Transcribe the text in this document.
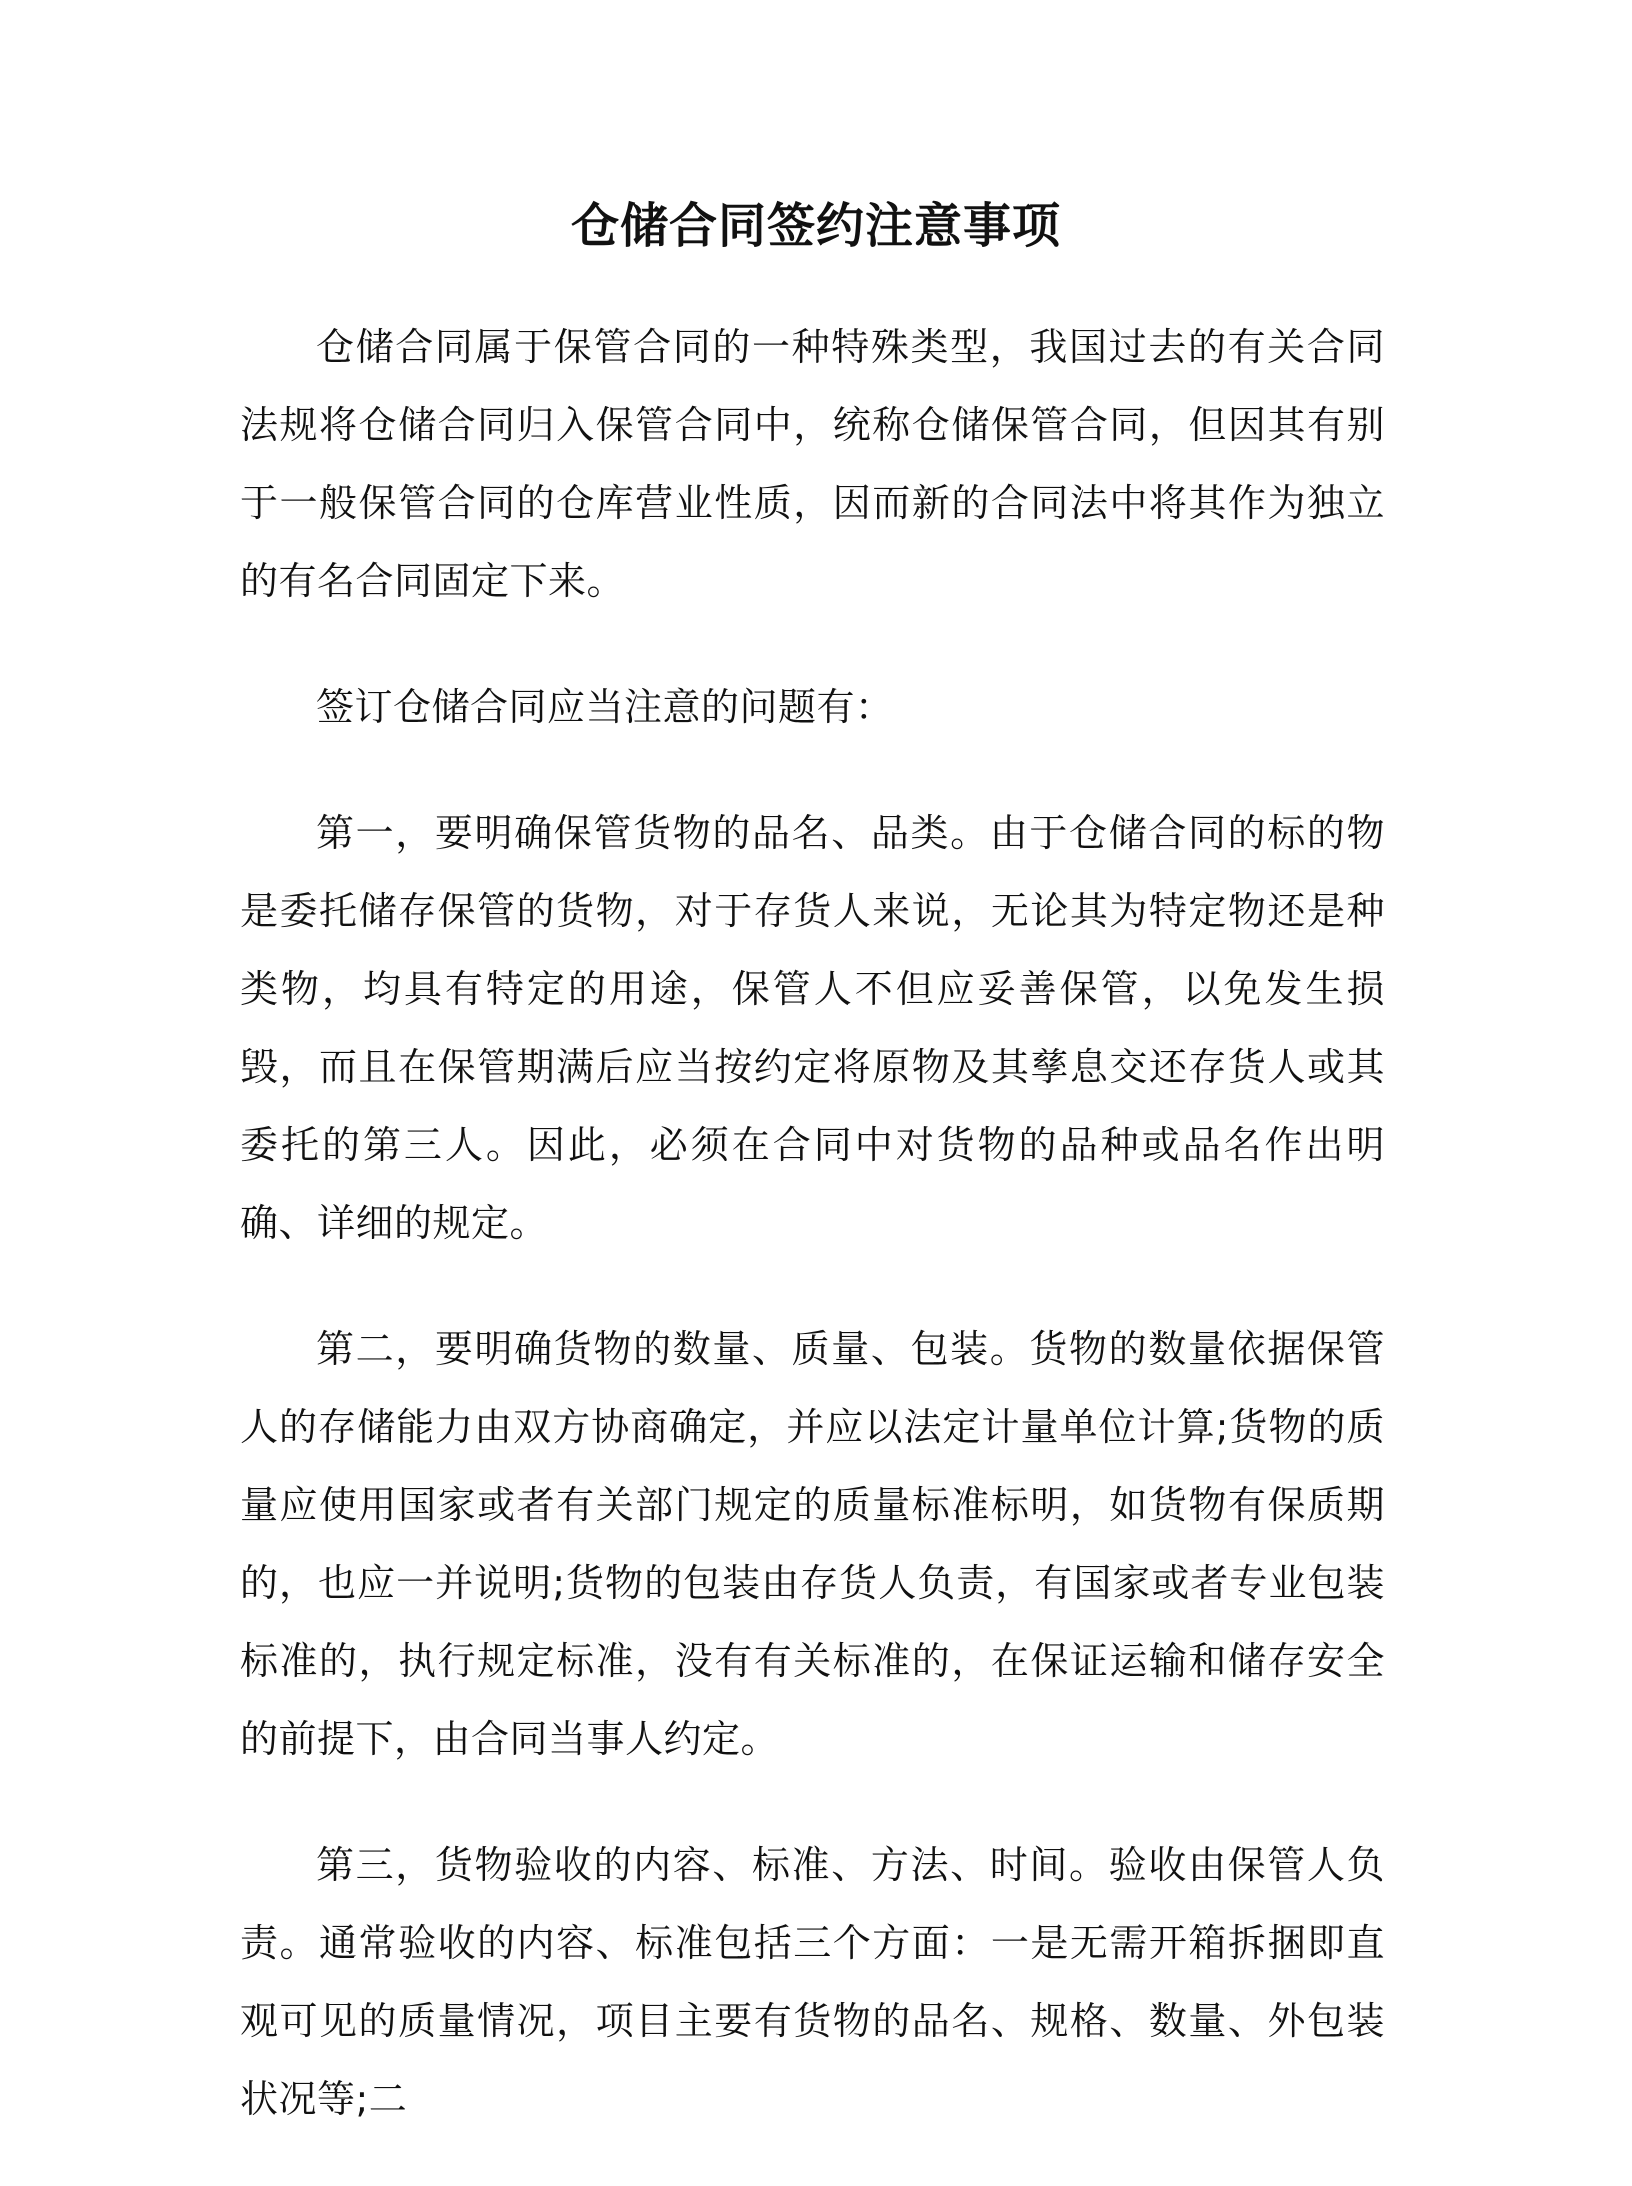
仓储合同签约注意事项

仓储合同属于保管合同的一种特殊类型，我国过去的有关合同法规将仓储合同归入保管合同中，统称仓储保管合同，但因其有别于一般保管合同的仓库营业性质，因而新的合同法中将其作为独立的有名合同固定下来。

签订仓储合同应当注意的问题有：

第一，要明确保管货物的品名、品类。由于仓储合同的标的物是委托储存保管的货物，对于存货人来说，无论其为特定物还是种类物，均具有特定的用途，保管人不但应妥善保管，以免发生损毁，而且在保管期满后应当按约定将原物及其孳息交还存货人或其委托的第三人。因此，必须在合同中对货物的品种或品名作出明确、详细的规定。

第二，要明确货物的数量、质量、包装。货物的数量依据保管人的存储能力由双方协商确定，并应以法定计量单位计算;货物的质量应使用国家或者有关部门规定的质量标准标明，如货物有保质期的，也应一并说明;货物的包装由存货人负责，有国家或者专业包装标准的，执行规定标准，没有有关标准的，在保证运输和储存安全的前提下，由合同当事人约定。

第三，货物验收的内容、标准、方法、时间。验收由保管人负责。通常验收的内容、标准包括三个方面：一是无需开箱拆捆即直观可见的质量情况，项目主要有货物的品名、规格、数量、外包装状况等;二
